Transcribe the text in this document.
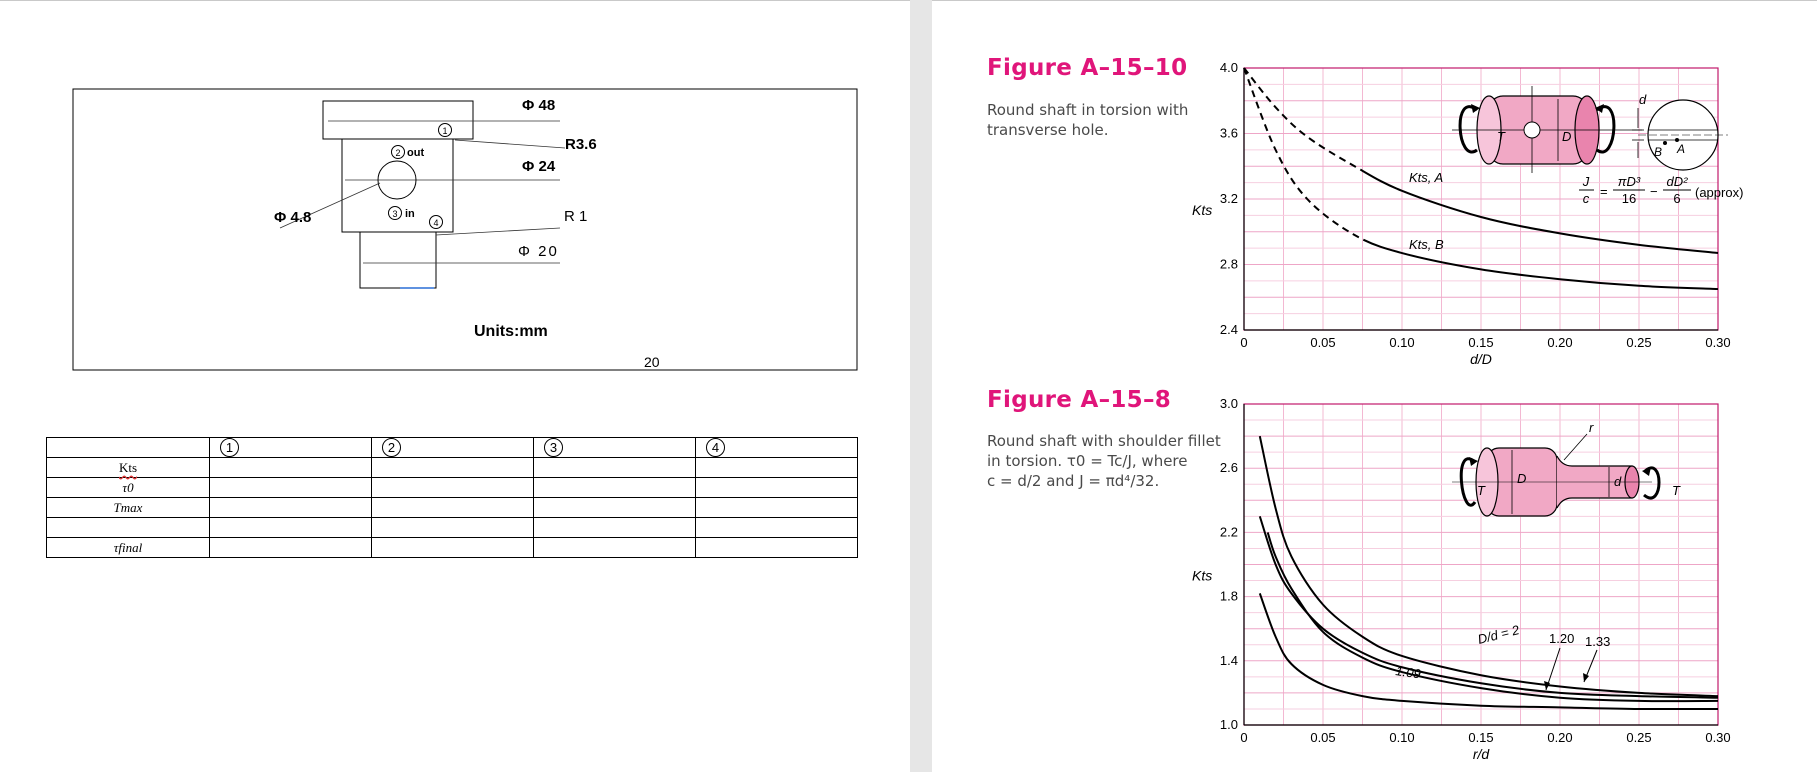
Φ 48
R3.6
Φ 24
Φ 4.8	R 1
Φ 20
1
2 out
3 in
4
Units:mm
20
	1	2	3	4
Kts				
τ0				
Tmax				

τfinal				
Figure A–15–10
Round shaft in torsion with
transverse hole.
Figure A–15–8
Round shaft with shoulder fillet
in torsion. τ0 = Tc/J, where
c = d/2 and J = πd⁴/32.
0	0.05	0.10	0.15	0.20	0.25	0.30
2.4
2.8
3.2
3.6
4.0
d/D
Kts
Kts, A
Kts, B
T	D
d
B A
J
c =
πD³
16 −
dD²
6 (approx)
0	0.05	0.10	0.15	0.20	0.25	0.30
1.0
1.4
1.8
2.2
2.6
3.0
r/d
Kts
D/d = 2
1.09
1.20 1.33
r
T	T
D	d
